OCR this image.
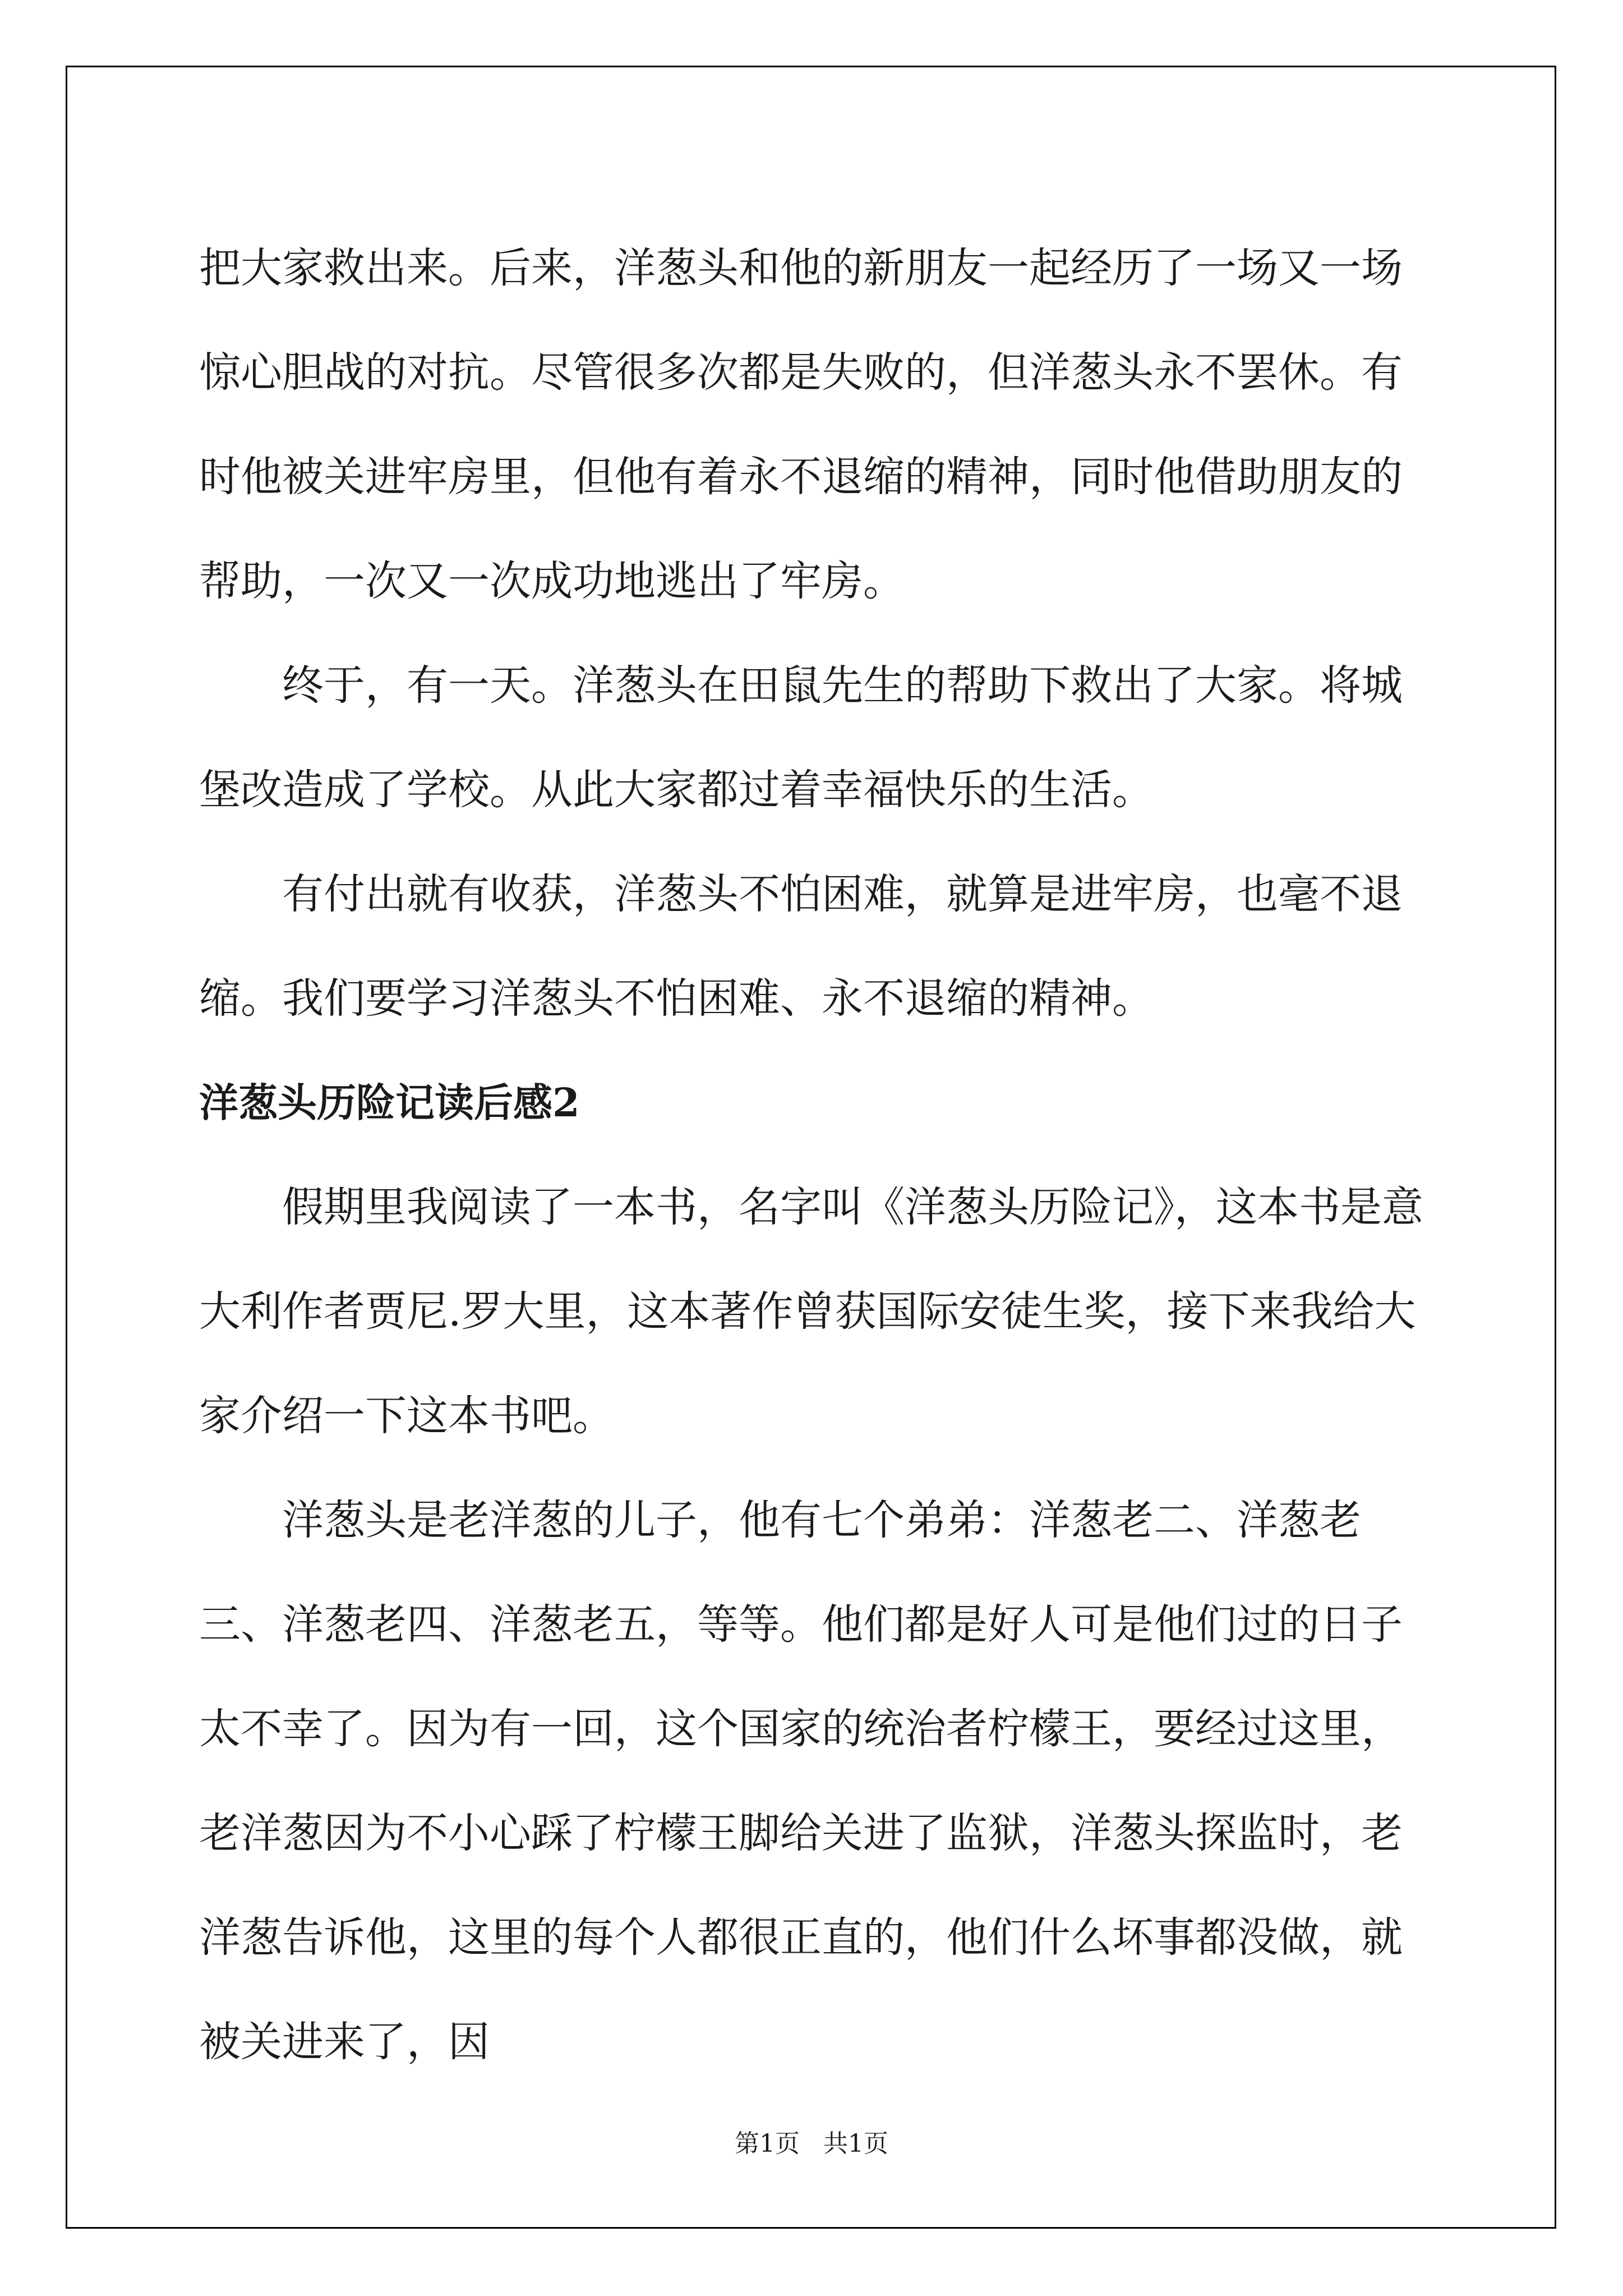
把大家救出来。后来，洋葱头和他的新朋友一起经历了一场又一场惊心胆战的对抗。尽管很多次都是失败的，但洋葱头永不罢休。有时他被关进牢房里，但他有着永不退缩的精神，同时他借助朋友的帮助，一次又一次成功地逃出了牢房。

终于，有一天。洋葱头在田鼠先生的帮助下救出了大家。将城堡改造成了学校。从此大家都过着幸福快乐的生活。

有付出就有收获，洋葱头不怕困难，就算是进牢房，也毫不退缩。我们要学习洋葱头不怕困难、永不退缩的精神。

洋葱头历险记读后感2

假期里我阅读了一本书，名字叫《洋葱头历险记》，这本书是意大利作者贾尼.罗大里，这本著作曾获国际安徒生奖，接下来我给大家介绍一下这本书吧。

洋葱头是老洋葱的儿子，他有七个弟弟：洋葱老二、洋葱老三、洋葱老四、洋葱老五，等等。他们都是好人可是他们过的日子太不幸了。因为有一回，这个国家的统治者柠檬王，要经过这里，老洋葱因为不小心踩了柠檬王脚给关进了监狱，洋葱头探监时，老洋葱告诉他，这里的每个人都很正直的，他们什么坏事都没做，就被关进来了，因

第1页 共1页
